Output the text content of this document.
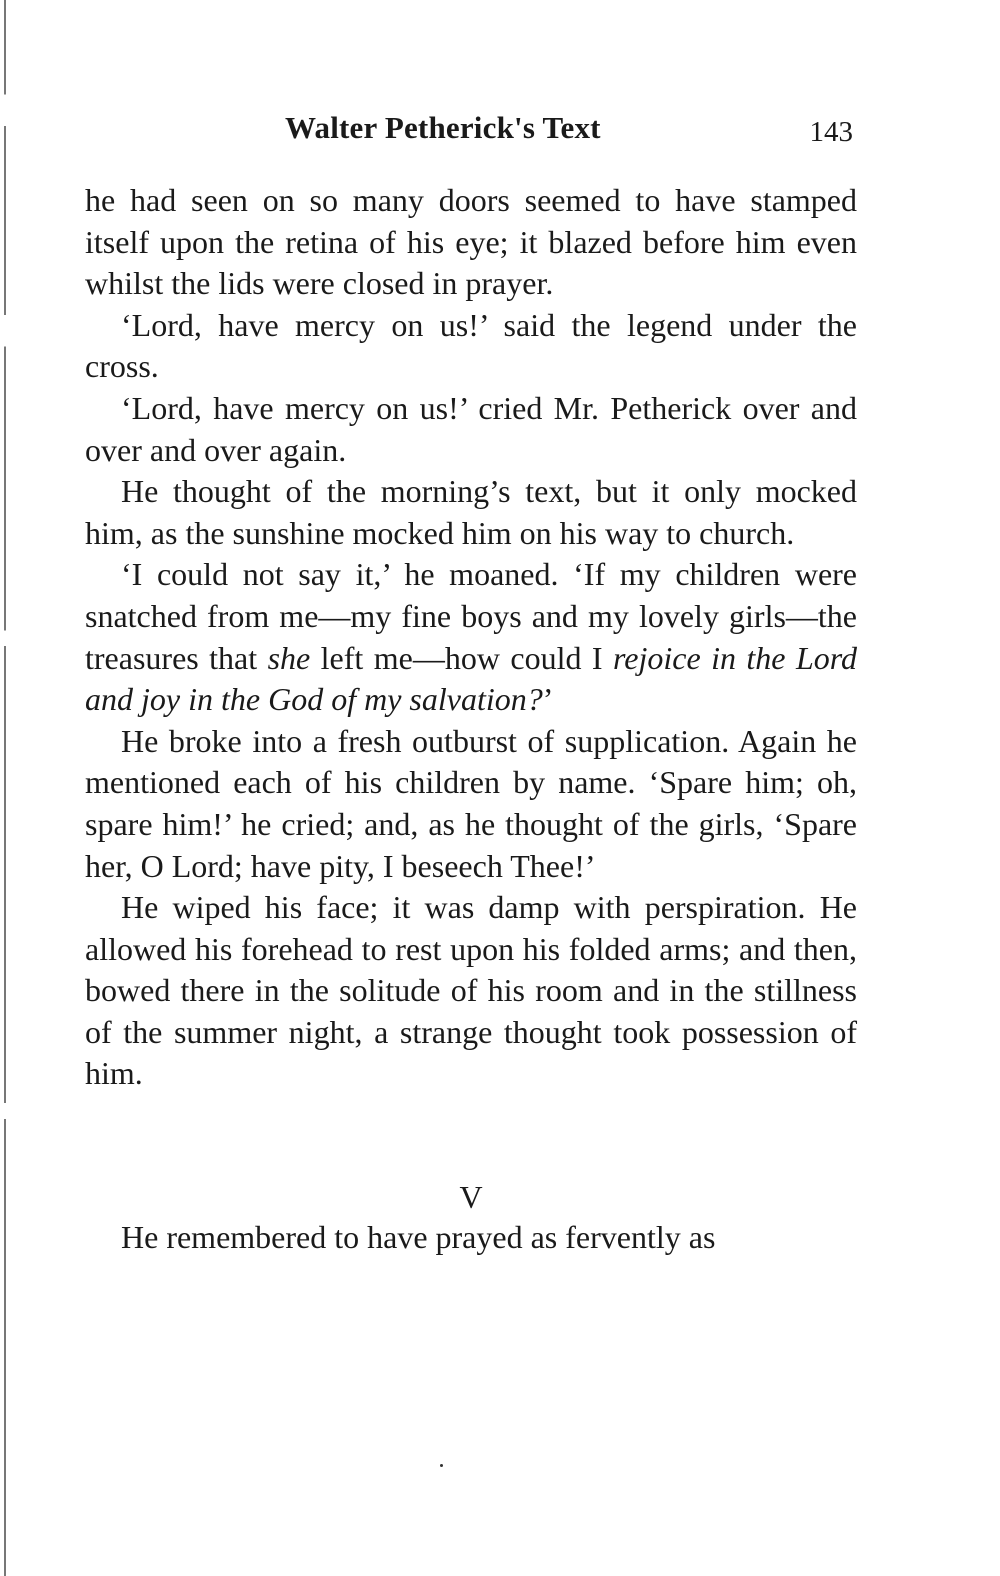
Walter Petherick's Text	143

he had seen on so many doors seemed to have stamped itself upon the retina of his eye; it blazed before him even whilst the lids were closed in prayer.

‘Lord, have mercy on us!’ said the legend under the cross.

‘Lord, have mercy on us!’ cried Mr. Petherick over and over and over again.

He thought of the morning’s text, but it only mocked him, as the sunshine mocked him on his way to church.

‘I could not say it,’ he moaned. ‘If my children were snatched from me—my fine boys and my lovely girls—the treasures that she left me—how could I rejoice in the Lord and joy in the God of my salvation?’

He broke into a fresh outburst of supplication. Again he mentioned each of his children by name. ‘Spare him; oh, spare him!’ he cried; and, as he thought of the girls, ‘Spare her, O Lord; have pity, I beseech Thee!’

He wiped his face; it was damp with perspiration. He allowed his forehead to rest upon his folded arms; and then, bowed there in the solitude of his room and in the stillness of the summer night, a strange thought took possession of him.

V

He remembered to have prayed as fervently as
